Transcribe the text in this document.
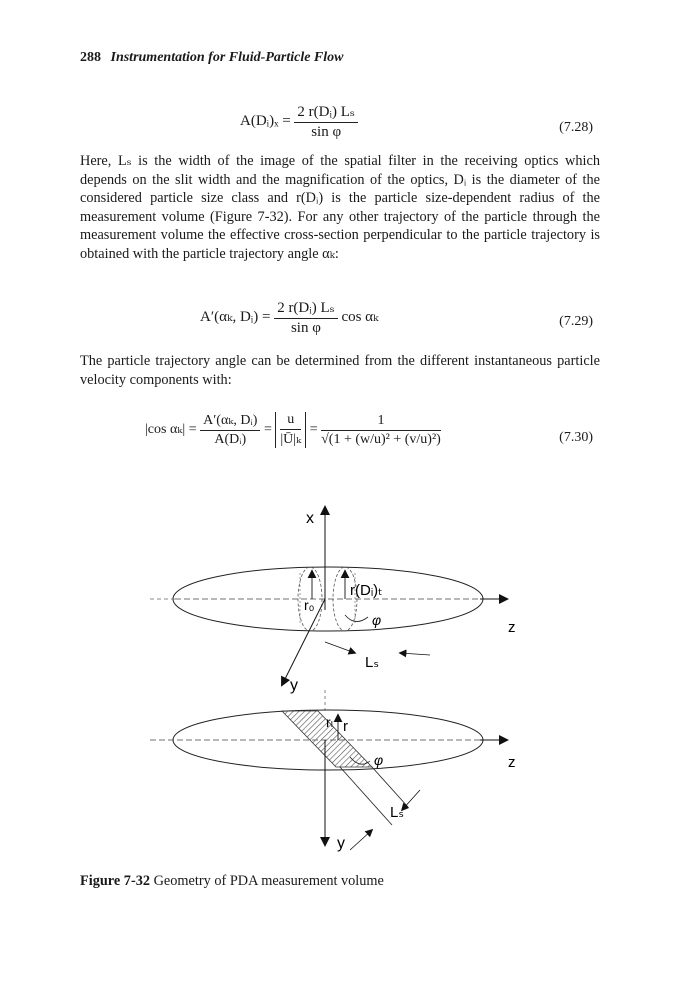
288 Instrumentation for Fluid-Particle Flow
A(Dᵢ)ₓ = $\frac{\text{2 r(Dᵢ) Lₛ}}{\text{sin φ}}$	(7.28)

Here, Lₛ is the width of the image of the spatial filter in the receiving optics which depends on the slit width and the magnification of the optics, Dᵢ is the diameter of the considered particle size class and r(Dᵢ) is the particle size-dependent radius of the measurement volume (Figure 7-32). For any other trajectory of the particle through the measurement volume the effective cross-section perpendicular to the particle trajectory is obtained with the particle trajectory angle αₖ:

A′(αₖ, Dᵢ) = $\frac{\text{2 r(Dᵢ) Lₛ}}{\text{sin φ}}$ cos αₖ	(7.29)

The particle trajectory angle can be determined from the different instantaneous particle velocity components with:

|cos $\alpha_k| = \frac{\text{A′(αₖ, Dᵢ)}}{\text{A(Dᵢ)}} = \frac{u}{\text{|Ū|ₖ}} = \frac{1}{\text{√(1 + (w/u)² + (v/u)²)}}$	(7.30)
x
z
r₀
r(Dᵢ)ₜ
φ
y
Lₛ
z
rₗ r
φ
y
Lₛ
Figure 7-32 Geometry of PDA measurement volume
